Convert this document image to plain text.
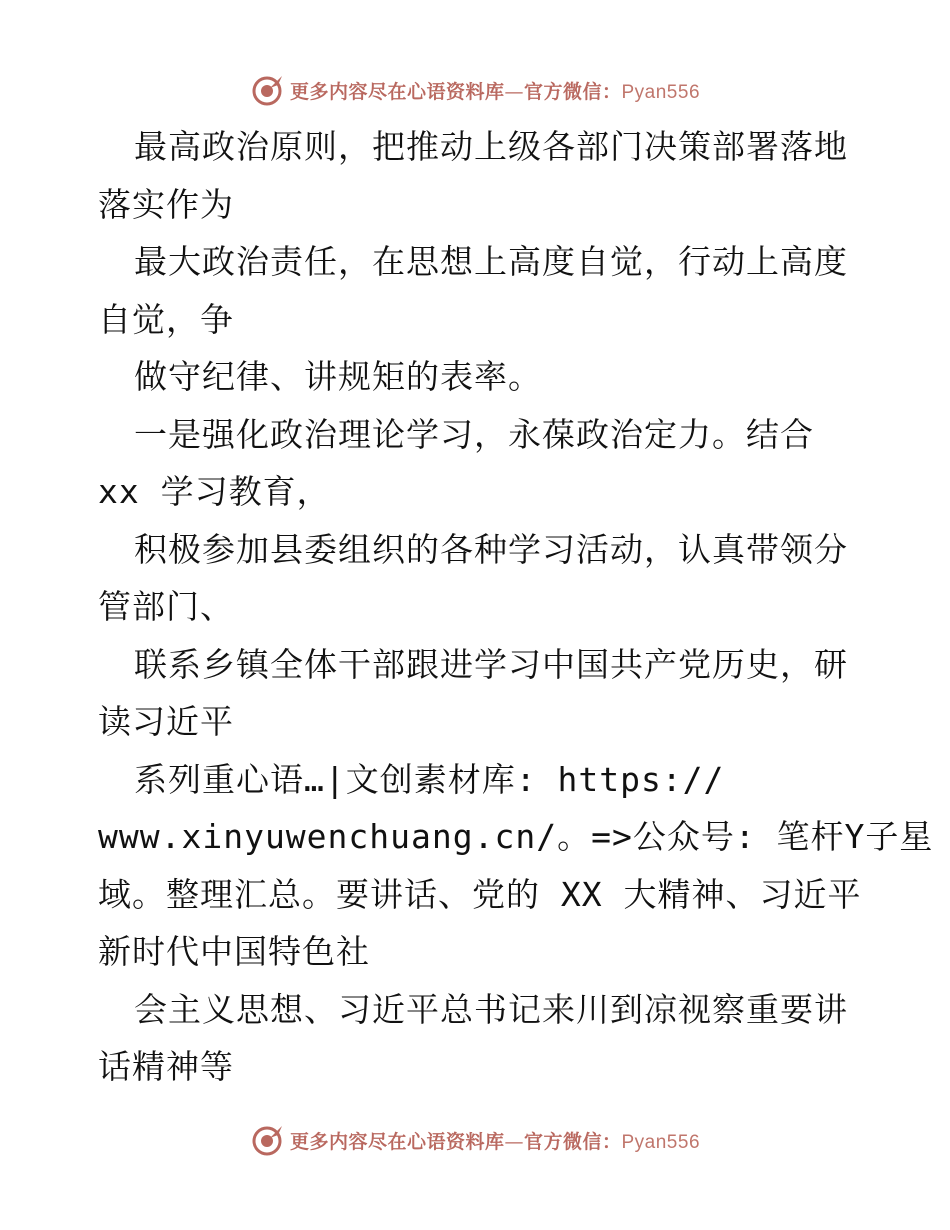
更多内容尽在心语资料库—官方微信：Pyan556
最高政治原则，把推动上级各部门决策部署落地
落实作为
最大政治责任，在思想上高度自觉，行动上高度
自觉，争
做守纪律、讲规矩的表率。
一是强化政治理论学习，永葆政治定力。结合
xx 学习教育，
积极参加县委组织的各种学习活动，认真带领分
管部门、
联系乡镇全体干部跟进学习中国共产党历史，研
读习近平
系列重心语…|文创素材库: https://
www.xinyuwenchuang.cn/。=>公众号: 笔杆Y子星
域。整理汇总。要讲话、党的 XX 大精神、习近平
新时代中国特色社
会主义思想、习近平总书记来川到凉视察重要讲
话精神等
更多内容尽在心语资料库—官方微信：Pyan556
